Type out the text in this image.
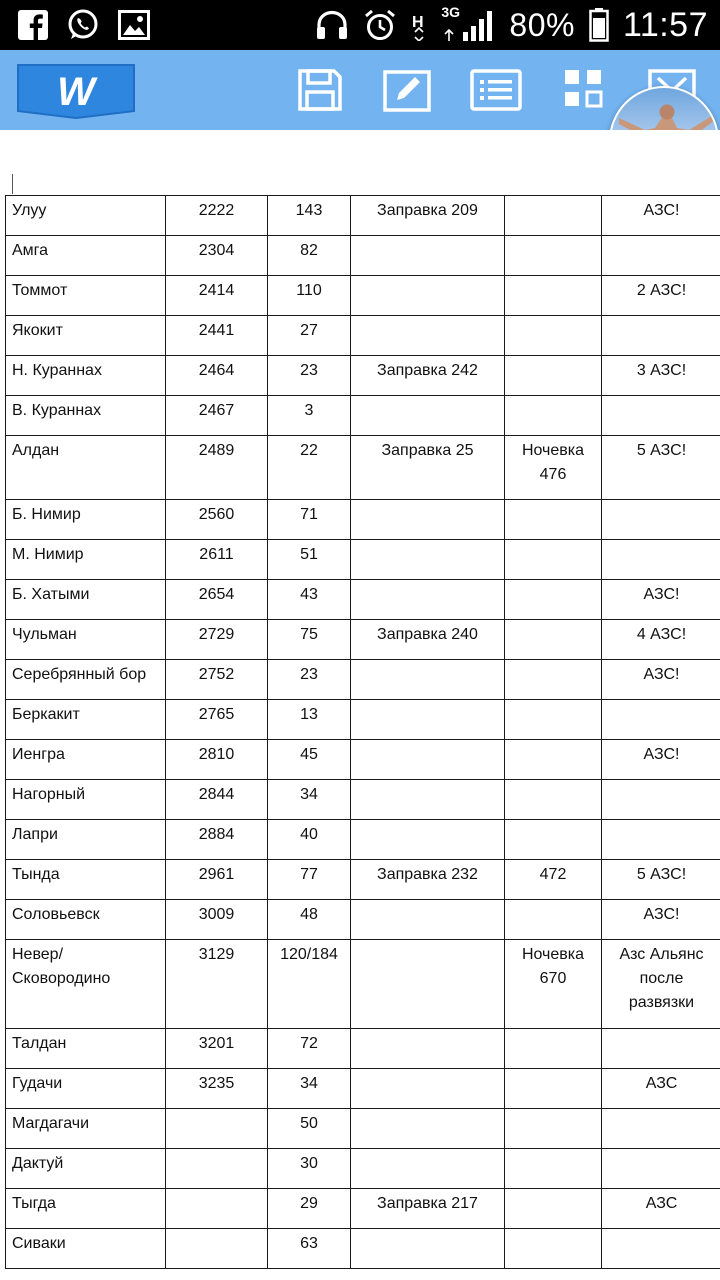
H
3G 80% 11:57
W
Улуу	2222	143	Заправка 209		АЗС!
Амга	2304	82			
Томмот	2414	110			2 АЗС!
Якокит	2441	27			
Н. Кураннах	2464	23	Заправка 242		3 АЗС!
В. Кураннах	2467	3			
Алдан	2489	22	Заправка 25	Ночевка 476	5 АЗС!
Б. Нимир	2560	71			
М. Нимир	2611	51			
Б. Хатыми	2654	43			АЗС!
Чульман	2729	75	Заправка 240		4 АЗС!
Серебрянный бор	2752	23			АЗС!
Беркакит	2765	13			
Иенгра	2810	45			АЗС!
Нагорный	2844	34			
Лапри	2884	40			
Тында	2961	77	Заправка 232	472	5 АЗС!
Соловьевск	3009	48			АЗС!
Невер/Сковородино	3129	120/184		Ночевка 670	Азс Альянс после развязки
Талдан	3201	72			
Гудачи	3235	34			АЗС
Магдагачи		50			
Дактуй		30			
Тыгда		29	Заправка 217		АЗС
Сиваки		63			
